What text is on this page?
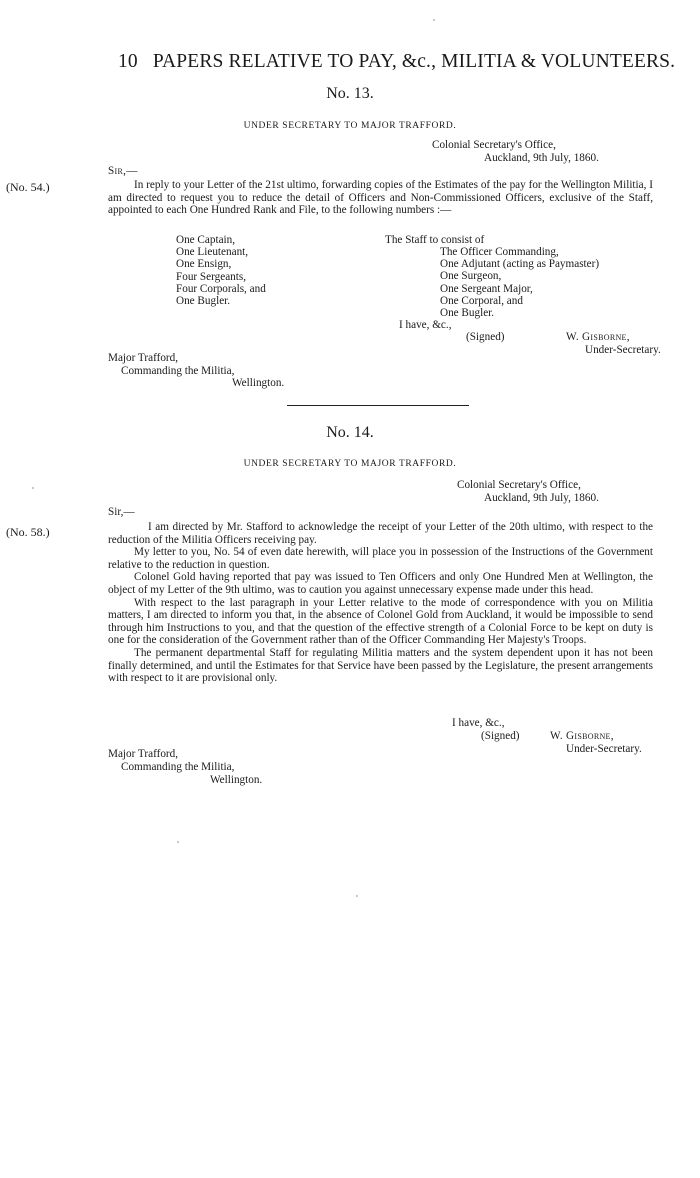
10 PAPERS RELATIVE TO PAY, &c., MILITIA & VOLUNTEERS.
No. 13.
UNDER SECRETARY TO MAJOR TRAFFORD.
Colonial Secretary's Office,
Auckland, 9th July, 1860.
Sir,—
(No. 54.)	In reply to your Letter of the 21st ultimo, forwarding copies of the Estimates of the pay for the Wellington Militia, I am directed to request you to reduce the detail of Officers and Non-Commissioned Officers, exclusive of the Staff, appointed to each One Hundred Rank and File, to the following numbers :—

One Captain,
One Lieutenant,
One Ensign,
Four Sergeants,
Four Corporals, and
One Bugler.
The Staff to consist of
The Officer Commanding,
One Adjutant (acting as Paymaster)
One Surgeon,
One Sergeant Major,
One Corporal, and
One Bugler.
I have, &c.,
(Signed)	W. Gisborne,
Under-Secretary.
Major Trafford,
Commanding the Militia,
Wellington.
No. 14.
UNDER SECRETARY TO MAJOR TRAFFORD.
Colonial Secretary's Office,
Auckland, 9th July, 1860.
Sir,—
(No. 58.)	I am directed by Mr. Stafford to acknowledge the receipt of your Letter of the 20th ultimo, with respect to the reduction of the Militia Officers receiving pay.

My letter to you, No. 54 of even date herewith, will place you in possession of the Instructions of the Government relative to the reduction in question.

Colonel Gold having reported that pay was issued to Ten Officers and only One Hundred Men at Wellington, the object of my Letter of the 9th ultimo, was to caution you against unnecessary expense made under this head.

With respect to the last paragraph in your Letter relative to the mode of correspondence with you on Militia matters, I am directed to inform you that, in the absence of Colonel Gold from Auckland, it would be impossible to send through him Instructions to you, and that the question of the effective strength of a Colonial Force to be kept on duty is one for the consideration of the Government rather than of the Officer Commanding Her Majesty's Troops.

The permanent departmental Staff for regulating Militia matters and the system dependent upon it has not been finally determined, and until the Estimates for that Service have been passed by the Legislature, the present arrangements with respect to it are provisional only.

I have, &c.,
(Signed)	W. Gisborne,
Under-Secretary.
Major Trafford,
Commanding the Militia,
Wellington.
